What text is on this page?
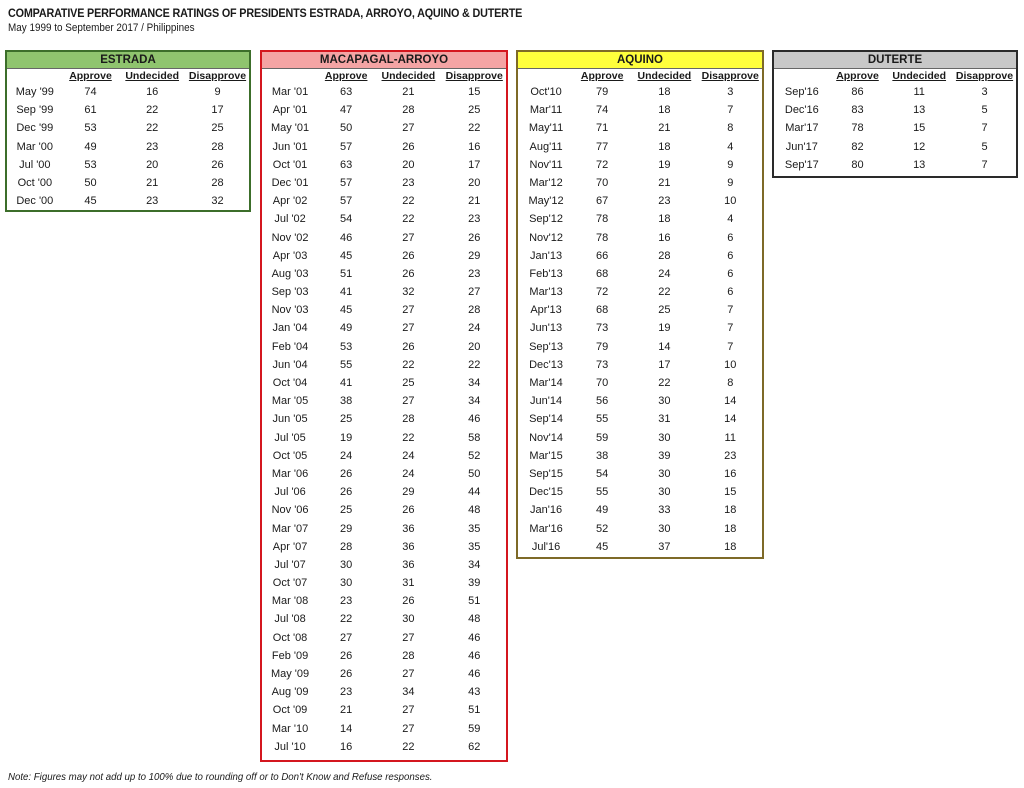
COMPARATIVE PERFORMANCE RATINGS OF PRESIDENTS ESTRADA, ARROYO, AQUINO & DUTERTE
May 1999 to September 2017 / Philippines
ESTRADA
Approve	Undecided Disapprove
May '99	74	16	9
Sep '99	61	22	17
Dec '99	53	22	25
Mar '00	49	23	28
Jul '00	53	20	26
Oct '00	50	21	28
Dec '00	45	23	32
MACAPAGAL-ARROYO
Approve	Undecided Disapprove
Mar '01	63	21	15
Apr '01	47	28	25
May '01	50	27	22
Jun '01	57	26	16
Oct '01	63	20	17
Dec '01	57	23	20
Apr '02	57	22	21
Jul '02	54	22	23
Nov '02	46	27	26
Apr '03	45	26	29
Aug '03	51	26	23
Sep '03	41	32	27
Nov '03	45	27	28
Jan '04	49	27	24
Feb '04	53	26	20
Jun '04	55	22	22
Oct '04	41	25	34
Mar '05	38	27	34
Jun '05	25	28	46
Jul '05	19	22	58
Oct '05	24	24	52
Mar '06	26	24	50
Jul '06	26	29	44
Nov '06	25	26	48
Mar '07	29	36	35
Apr '07	28	36	35
Jul '07	30	36	34
Oct '07	30	31	39
Mar '08	23	26	51
Jul '08	22	30	48
Oct '08	27	27	46
Feb '09	26	28	46
May '09	26	27	46
Aug '09	23	34	43
Oct '09	21	27	51
Mar '10	14	27	59
Jul '10	16	22	62
AQUINO
Approve	Undecided Disapprove
Oct'10	79	18	3
Mar'11	74	18	7
May'11	71	21	8
Aug'11	77	18	4
Nov'11	72	19	9
Mar'12	70	21	9
May'12	67	23	10
Sep'12	78	18	4
Nov'12	78	16	6
Jan'13	66	28	6
Feb'13	68	24	6
Mar'13	72	22	6
Apr'13	68	25	7
Jun'13	73	19	7
Sep'13	79	14	7
Dec'13	73	17	10
Mar'14	70	22	8
Jun'14	56	30	14
Sep'14	55	31	14
Nov'14	59	30	11
Mar'15	38	39	23
Sep'15	54	30	16
Dec'15	55	30	15
Jan'16	49	33	18
Mar'16	52	30	18
Jul'16	45	37	18
DUTERTE
Approve	Undecided Disapprove
Sep'16	86	11	3
Dec'16	83	13	5
Mar'17	78	15	7
Jun'17	82	12	5
Sep'17	80	13	7
Note: Figures may not add up to 100% due to rounding off or to Don't Know and Refuse responses.
